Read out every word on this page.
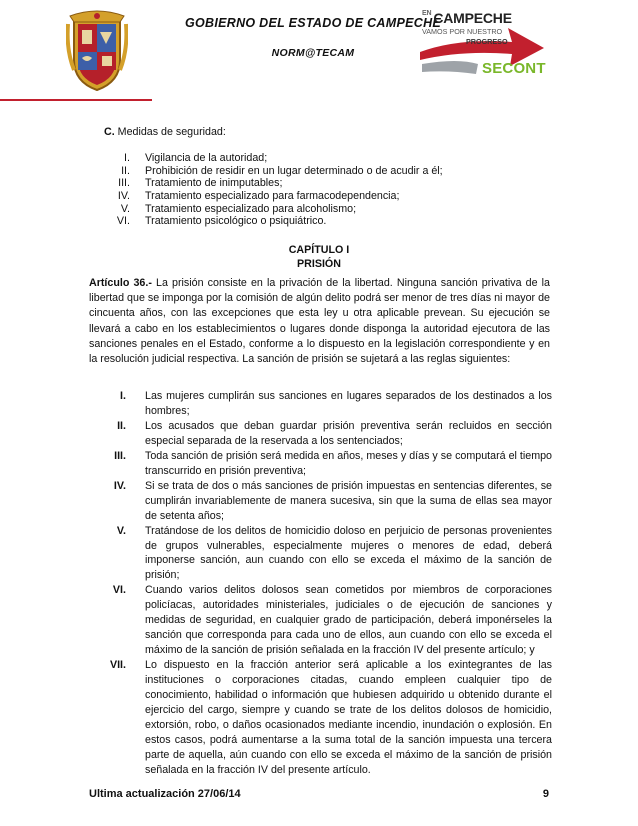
GOBIERNO DEL ESTADO DE CAMPECHE
NORM@TECAM
$^{EN}$ CAMPECHE
VAMOS POR NUESTRO
PROGRESO
SECONT
C. Medidas de seguridad:
I. Vigilancia de la autoridad;
II. Prohibición de residir en un lugar determinado o de acudir a él;
III. Tratamiento de inimputables;
IV. Tratamiento especializado para farmacodependencia;
V. Tratamiento especializado para alcoholismo;
VI. Tratamiento psicológico o psiquiátrico.
CAPÍTULO I
PRISIÓN
Artículo 36.- La prisión consiste en la privación de la libertad. Ninguna sanción privativa de la libertad que se imponga por la comisión de algún delito podrá ser menor de tres días ni mayor de cincuenta años, con las excepciones que esta ley u otra aplicable prevean. Su ejecución se llevará a cabo en los establecimientos o lugares donde disponga la autoridad ejecutora de las sanciones penales en el Estado, conforme a lo dispuesto en la legislación correspondiente y en la resolución judicial respectiva. La sanción de prisión se sujetará a las reglas siguientes:
I. Las mujeres cumplirán sus sanciones en lugares separados de los destinados a los hombres;
II. Los acusados que deban guardar prisión preventiva serán recluidos en sección especial separada de la reservada a los sentenciados;
III. Toda sanción de prisión será medida en años, meses y días y se computará el tiempo transcurrido en prisión preventiva;
IV. Si se trata de dos o más sanciones de prisión impuestas en sentencias diferentes, se cumplirán invariablemente de manera sucesiva, sin que la suma de ellas sea mayor de setenta años;
V. Tratándose de los delitos de homicidio doloso en perjuicio de personas provenientes de grupos vulnerables, especialmente mujeres o menores de edad, deberá imponerse sanción, aun cuando con ello se exceda el máximo de la sanción de prisión;
VI. Cuando varios delitos dolosos sean cometidos por miembros de corporaciones policíacas, autoridades ministeriales, judiciales o de ejecución de sanciones y medidas de seguridad, en cualquier grado de participación, deberá imponérseles la sanción que corresponda para cada uno de ellos, aun cuando con ello se exceda el máximo de la sanción de prisión señalada en la fracción IV del presente artículo; y
VII. Lo dispuesto en la fracción anterior será aplicable a los exintegrantes de las instituciones o corporaciones citadas, cuando empleen cualquier tipo de conocimiento, habilidad o información que hubiesen adquirido u obtenido durante el ejercicio del cargo, siempre y cuando se trate de los delitos dolosos de homicidio, extorsión, robo, o daños ocasionados mediante incendio, inundación o explosión. En estos casos, podrá aumentarse a la suma total de la sanción impuesta una tercera parte de aquella, aún cuando con ello se exceda el máximo de la sanción de prisión señalada en la fracción IV del presente artículo.
Ultima actualización 27/06/14	9
